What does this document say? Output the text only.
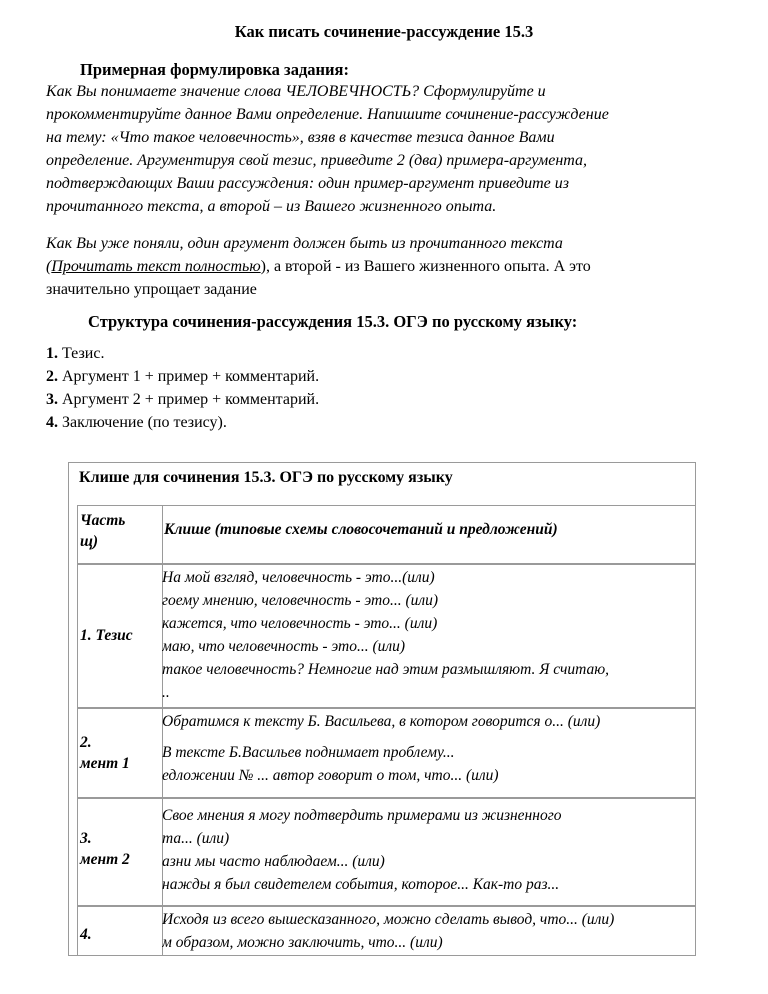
Как писать сочинение-рассуждение 15.3
Примерная формулировка задания:
Как Вы понимаете значение слова ЧЕЛОВЕЧНОСТЬ? Сформулируйте и
прокомментируйте данное Вами определение. Напишите сочинение-рассуждение
на тему: «Что такое человечность», взяв в качестве тезиса данное Вами
определение. Аргументируя свой тезис, приведите 2 (два) примера-аргумента,
подтверждающих Ваши рассуждения: один пример-аргумент приведите из
прочитанного текста, а второй – из Вашего жизненного опыта.
Как Вы уже поняли, один аргумент должен быть из прочитанного текста
(Прочитать текст полностью), а второй - из Вашего жизненного опыта. А это
значительно упрощает задание
Структура сочинения-рассуждения 15.3. ОГЭ по русскому языку:
1. Тезис.
2. Аргумент 1 + пример + комментарий.
3. Аргумент 2 + пример + комментарий.
4. Заключение (по тезису).
Клише для сочинения 15.3. ОГЭ по русскому языку
Часть
щ)
Клише (типовые схемы словосочетаний и предложений)
1. Тезис
На мой взгляд, человечность - это...(или)
гоему мнению, человечность - это... (или)
кажется, что человечность - это... (или)
маю, что человечность - это... (или)
такое человечность? Немногие над этим размышляют. Я считаю,
..
2.
мент 1
Обратимся к тексту Б. Васильева, в котором говорится о... (или)
В тексте Б.Васильев поднимает проблему...
едложении № ... автор говорит о том, что... (или)
3.
мент 2
Свое мнения я могу подтвердить примерами из жизненного
та... (или)
азни мы часто наблюдаем... (или)
нажды я был свидетелем события, которое... Как-то раз...
4.
Исходя из всего вышесказанного, можно сделать вывод, что... (или)
м образом, можно заключить, что... (или)
